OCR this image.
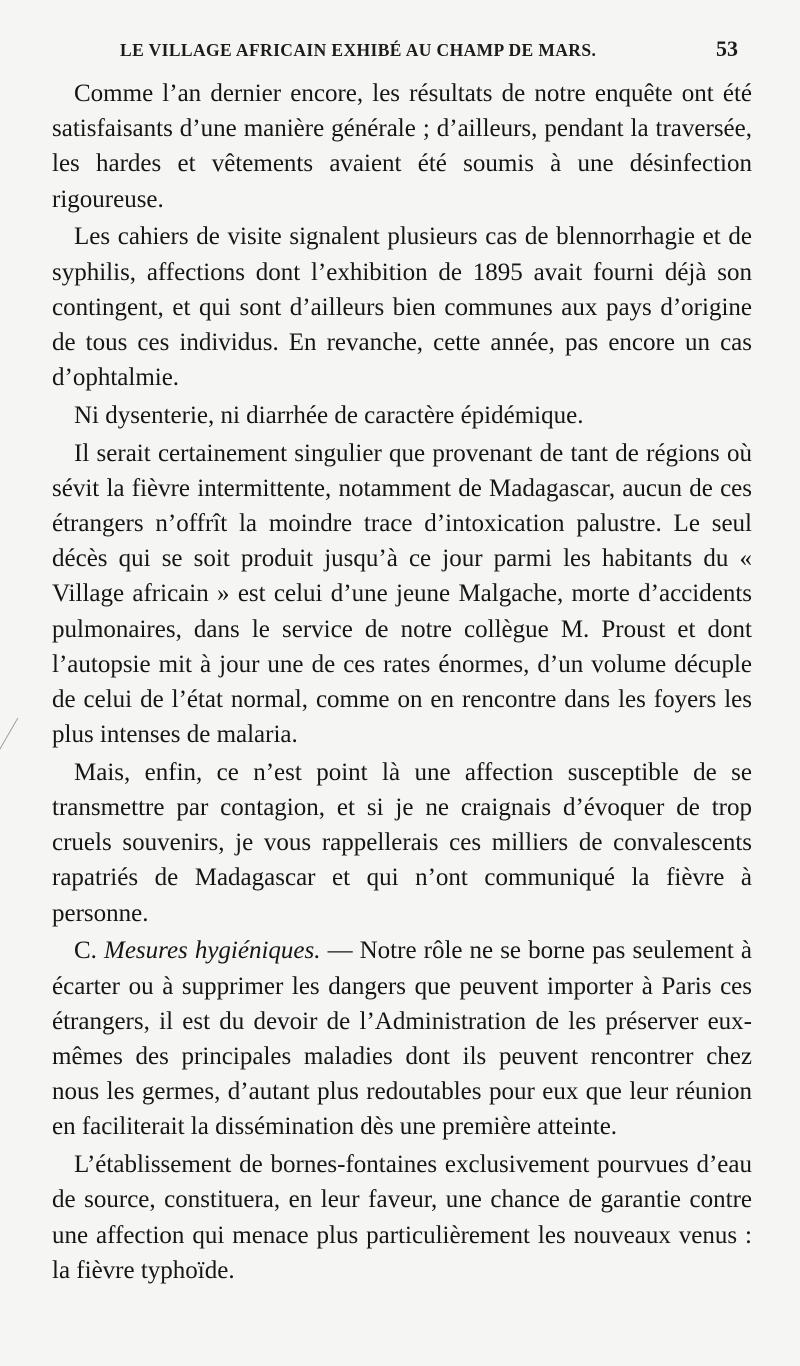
LE VILLAGE AFRICAIN EXHIBÉ AU CHAMP DE MARS.	53

Comme l’an dernier encore, les résultats de notre enquête ont été satisfaisants d’une manière générale ; d’ailleurs, pendant la traversée, les hardes et vêtements avaient été soumis à une désinfection rigoureuse.

Les cahiers de visite signalent plusieurs cas de blennorrhagie et de syphilis, affections dont l’exhibition de 1895 avait fourni déjà son contingent, et qui sont d’ailleurs bien communes aux pays d’origine de tous ces individus. En revanche, cette année, pas encore un cas d’ophtalmie.

Ni dysenterie, ni diarrhée de caractère épidémique.

Il serait certainement singulier que provenant de tant de régions où sévit la fièvre intermittente, notamment de Madagascar, aucun de ces étrangers n’offrît la moindre trace d’intoxication palustre. Le seul décès qui se soit produit jusqu’à ce jour parmi les habitants du « Village africain » est celui d’une jeune Malgache, morte d’accidents pulmonaires, dans le service de notre collègue M. Proust et dont l’autopsie mit à jour une de ces rates énormes, d’un volume décuple de celui de l’état normal, comme on en rencontre dans les foyers les plus intenses de malaria.

Mais, enfin, ce n’est point là une affection susceptible de se transmettre par contagion, et si je ne craignais d’évoquer de trop cruels souvenirs, je vous rappellerais ces milliers de convalescents rapatriés de Madagascar et qui n’ont communiqué la fièvre à personne.

C. Mesures hygiéniques. — Notre rôle ne se borne pas seulement à écarter ou à supprimer les dangers que peuvent importer à Paris ces étrangers, il est du devoir de l’Administration de les préserver eux-mêmes des principales maladies dont ils peuvent rencontrer chez nous les germes, d’autant plus redoutables pour eux que leur réunion en faciliterait la dissémination dès une première atteinte.

L’établissement de bornes-fontaines exclusivement pourvues d’eau de source, constituera, en leur faveur, une chance de garantie contre une affection qui menace plus particulièrement les nouveaux venus : la fièvre typhoïde.
